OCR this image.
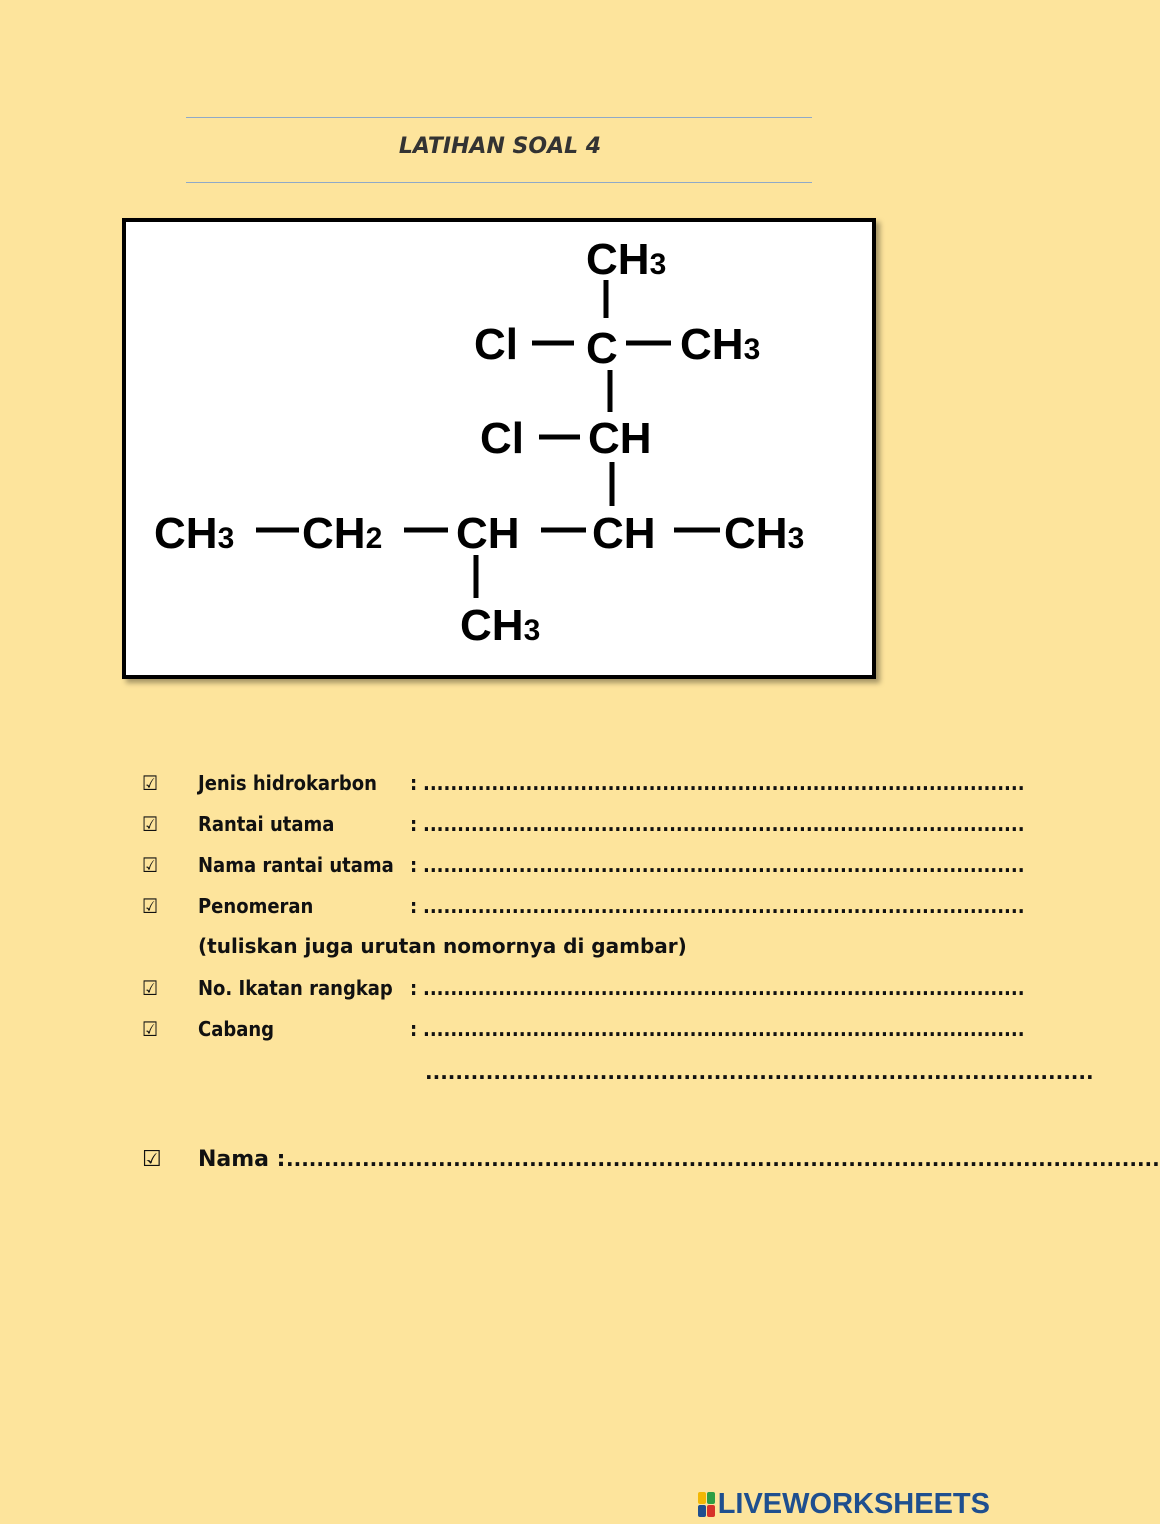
LATIHAN SOAL 4
CH3
Cl C CH3
Cl CH
CH3 CH2 CH CH CH3
CH3
☑ Jenis hidrokarbon : ........................................................................................
☑ Rantai utama	: ........................................................................................
☑ Nama rantai utama : ........................................................................................
☑ Penomeran	: ........................................................................................
(tuliskan juga urutan nomornya di gambar)
☑ No. Ikatan rangkap : ........................................................................................
☑ Cabang	: ........................................................................................
........................................................................................
☑ Nama : ...................................................................................................................
LIVEWORKSHEETS
